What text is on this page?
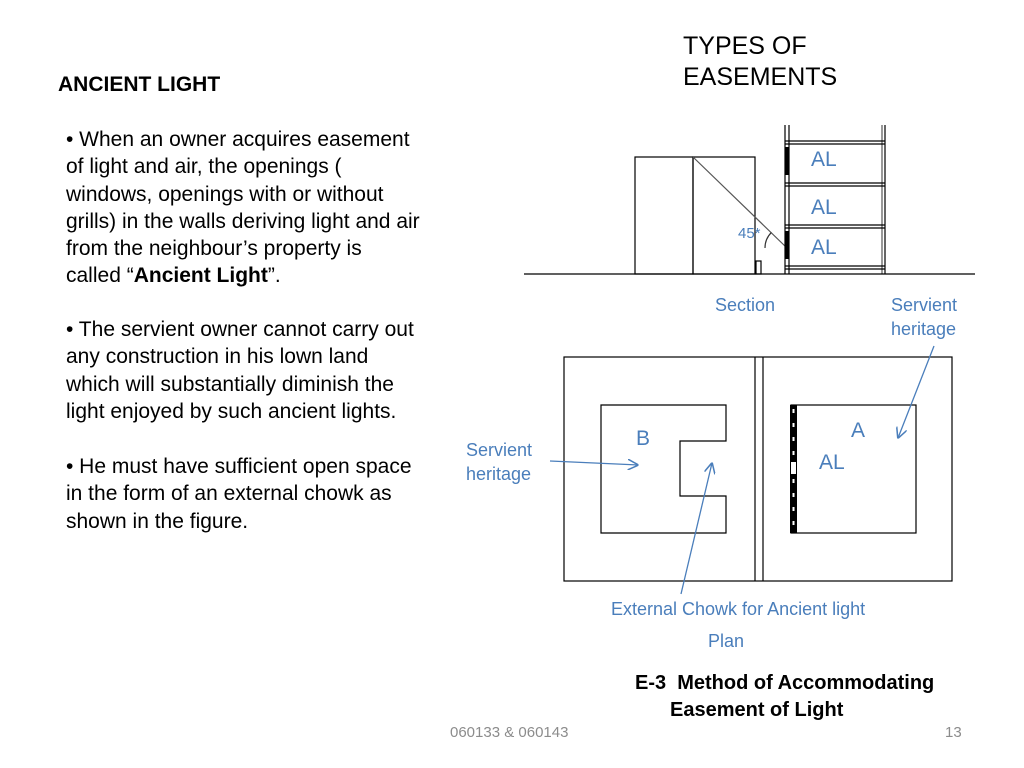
AL
AL
AL
45*
Section	Servient
heritage
B	A
AL
Servient
heritage
External Chowk for Ancient light
Plan
TYPES OF
EASEMENTS
ANCIENT LIGHT
• When an owner acquires easement
of light and air, the openings (
windows, openings with or without
grills) in the walls deriving light and air
from the neighbour’s property is
called “Ancient Light”.
• The servient owner cannot carry out
any construction in his lown land
which will substantially diminish the
light enjoyed by such ancient lights.
• He must have sufficient open space
in the form of an external chowk as
shown in the figure.
E-3  Method of Accommodating
Easement of Light
060133 & 060143	13
